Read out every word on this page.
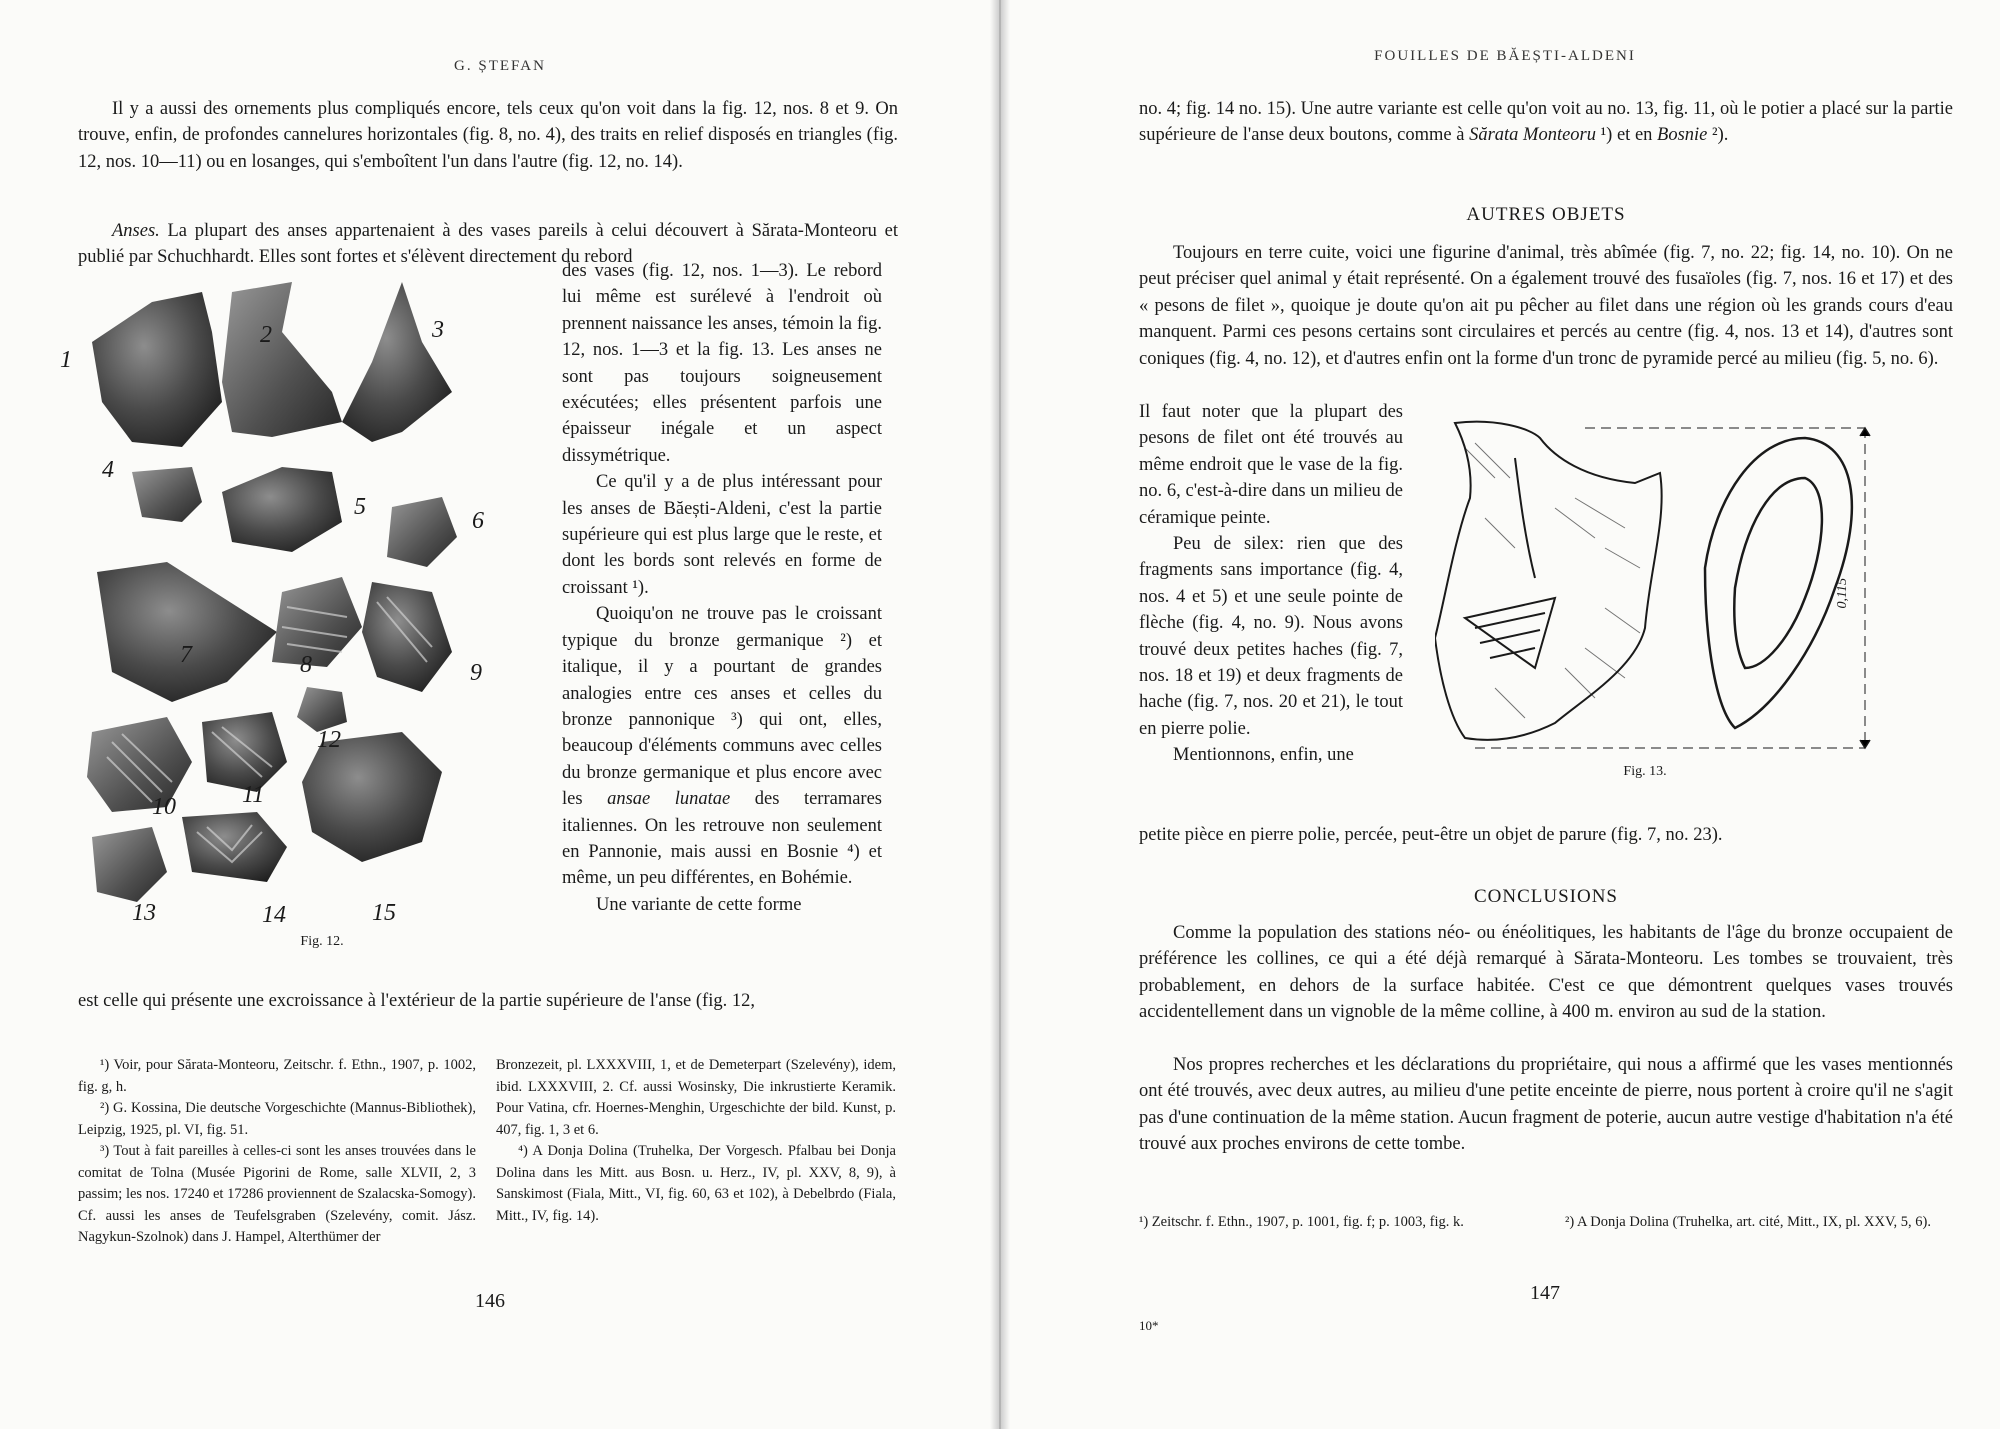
G. ȘTEFAN

Il y a aussi des ornements plus compliqués encore, tels ceux qu'on voit dans la fig. 12, nos. 8 et 9. On trouve, enfin, de profondes cannelures horizontales (fig. 8, no. 4), des traits en relief disposés en triangles (fig. 12, nos. 10—11) ou en losanges, qui s'emboîtent l'un dans l'autre (fig. 12, no. 14).

Anses. La plupart des anses appartenaient à des vases pareils à celui découvert à Sărata-Monteoru et publié par Schuchhardt. Elles sont fortes et s'élèvent directement du rebord

1
2	3
4
5
6
7	8	9
10	11
12
13	14	15
Fig. 12.

des vases (fig. 12, nos. 1—3). Le rebord lui même est surélevé à l'endroit où prennent naissance les anses, témoin la fig. 12, nos. 1—3 et la fig. 13. Les anses ne sont pas toujours soigneusement exécutées; elles présentent parfois une épaisseur inégale et un aspect dissymétrique.

Ce qu'il y a de plus intéressant pour les anses de Băești-Aldeni, c'est la partie supérieure qui est plus large que le reste, et dont les bords sont relevés en forme de croissant ¹).

Quoiqu'on ne trouve pas le croissant typique du bronze germanique ²) et italique, il y a pourtant de grandes analogies entre ces anses et celles du bronze pannonique ³) qui ont, elles, beaucoup d'éléments communs avec celles du bronze germanique et plus encore avec les ansae lunatae des terramares italiennes. On les retrouve non seulement en Pannonie, mais aussi en Bosnie ⁴) et même, un peu différentes, en Bohémie.

Une variante de cette forme

est celle qui présente une excroissance à l'extérieur de la partie supérieure de l'anse (fig. 12,

¹) Voir, pour Sărata-Monteoru, Zeitschr. f. Ethn., 1907, p. 1002, fig. g, h.

²) G. Kossina, Die deutsche Vorgeschichte (Mannus-Bibliothek), Leipzig, 1925, pl. VI, fig. 51.

³) Tout à fait pareilles à celles-ci sont les anses trouvées dans le comitat de Tolna (Musée Pigorini de Rome, salle XLVII, 2, 3 passim; les nos. 17240 et 17286 proviennent de Szalacska-Somogy). Cf. aussi les anses de Teufelsgraben (Szelevény, comit. Jász. Nagykun-Szolnok) dans J. Hampel, Alterthümer der

Bronzezeit, pl. LXXXVIII, 1, et de Demeterpart (Szelevény), idem, ibid. LXXXVIII, 2. Cf. aussi Wosinsky, Die inkrustierte Keramik. Pour Vatina, cfr. Hoernes-Menghin, Urgeschichte der bild. Kunst, p. 407, fig. 1, 3 et 6.

⁴) A Donja Dolina (Truhelka, Der Vorgesch. Pfalbau bei Donja Dolina dans les Mitt. aus Bosn. u. Herz., IV, pl. XXV, 8, 9), à Sanskimost (Fiala, Mitt., VI, fig. 60, 63 et 102), à Debelbrdo (Fiala, Mitt., IV, fig. 14).

146
FOUILLES DE BĂEȘTI-ALDENI

no. 4; fig. 14 no. 15). Une autre variante est celle qu'on voit au no. 13, fig. 11, où le potier a placé sur la partie supérieure de l'anse deux boutons, comme à Sărata Monteoru ¹) et en Bosnie ²).

AUTRES OBJETS

Toujours en terre cuite, voici une figurine d'animal, très abîmée (fig. 7, no. 22; fig. 14, no. 10). On ne peut préciser quel animal y était représenté. On a également trouvé des fusaïoles (fig. 7, nos. 16 et 17) et des « pesons de filet », quoique je doute qu'on ait pu pêcher au filet dans une région où les grands cours d'eau manquent. Parmi ces pesons certains sont circulaires et percés au centre (fig. 4, nos. 13 et 14), d'autres sont coniques (fig. 4, no. 12), et d'autres enfin ont la forme d'un tronc de pyramide percé au milieu (fig. 5, no. 6).

Il faut noter que la plupart des pesons de filet ont été trouvés au même endroit que le vase de la fig. no. 6, c'est-à-dire dans un milieu de céramique peinte.

Peu de silex: rien que des fragments sans importance (fig. 4, nos. 4 et 5) et une seule pointe de flèche (fig. 4, no. 9). Nous avons trouvé deux petites haches (fig. 7, nos. 18 et 19) et deux fragments de hache (fig. 7, nos. 20 et 21), le tout en pierre polie.

Mentionnons, enfin, une

0,115
Fig. 13.

petite pièce en pierre polie, percée, peut-être un objet de parure (fig. 7, no. 23).

CONCLUSIONS

Comme la population des stations néo- ou énéolitiques, les habitants de l'âge du bronze occupaient de préférence les collines, ce qui a été déjà remarqué à Sărata-Monteoru. Les tombes se trouvaient, très probablement, en dehors de la surface habitée. C'est ce que démontrent quelques vases trouvés accidentellement dans un vignoble de la même colline, à 400 m. environ au sud de la station.

Nos propres recherches et les déclarations du propriétaire, qui nous a affirmé que les vases mentionnés ont été trouvés, avec deux autres, au milieu d'une petite enceinte de pierre, nous portent à croire qu'il ne s'agit pas d'une continuation de la même station. Aucun fragment de poterie, aucun autre vestige d'habitation n'a été trouvé aux proches environs de cette tombe.

¹) Zeitschr. f. Ethn., 1907, p. 1001, fig. f; p. 1003, fig. k.	²) A Donja Dolina (Truhelka, art. cité, Mitt., IX, pl. XXV, 5, 6).

147
10*
